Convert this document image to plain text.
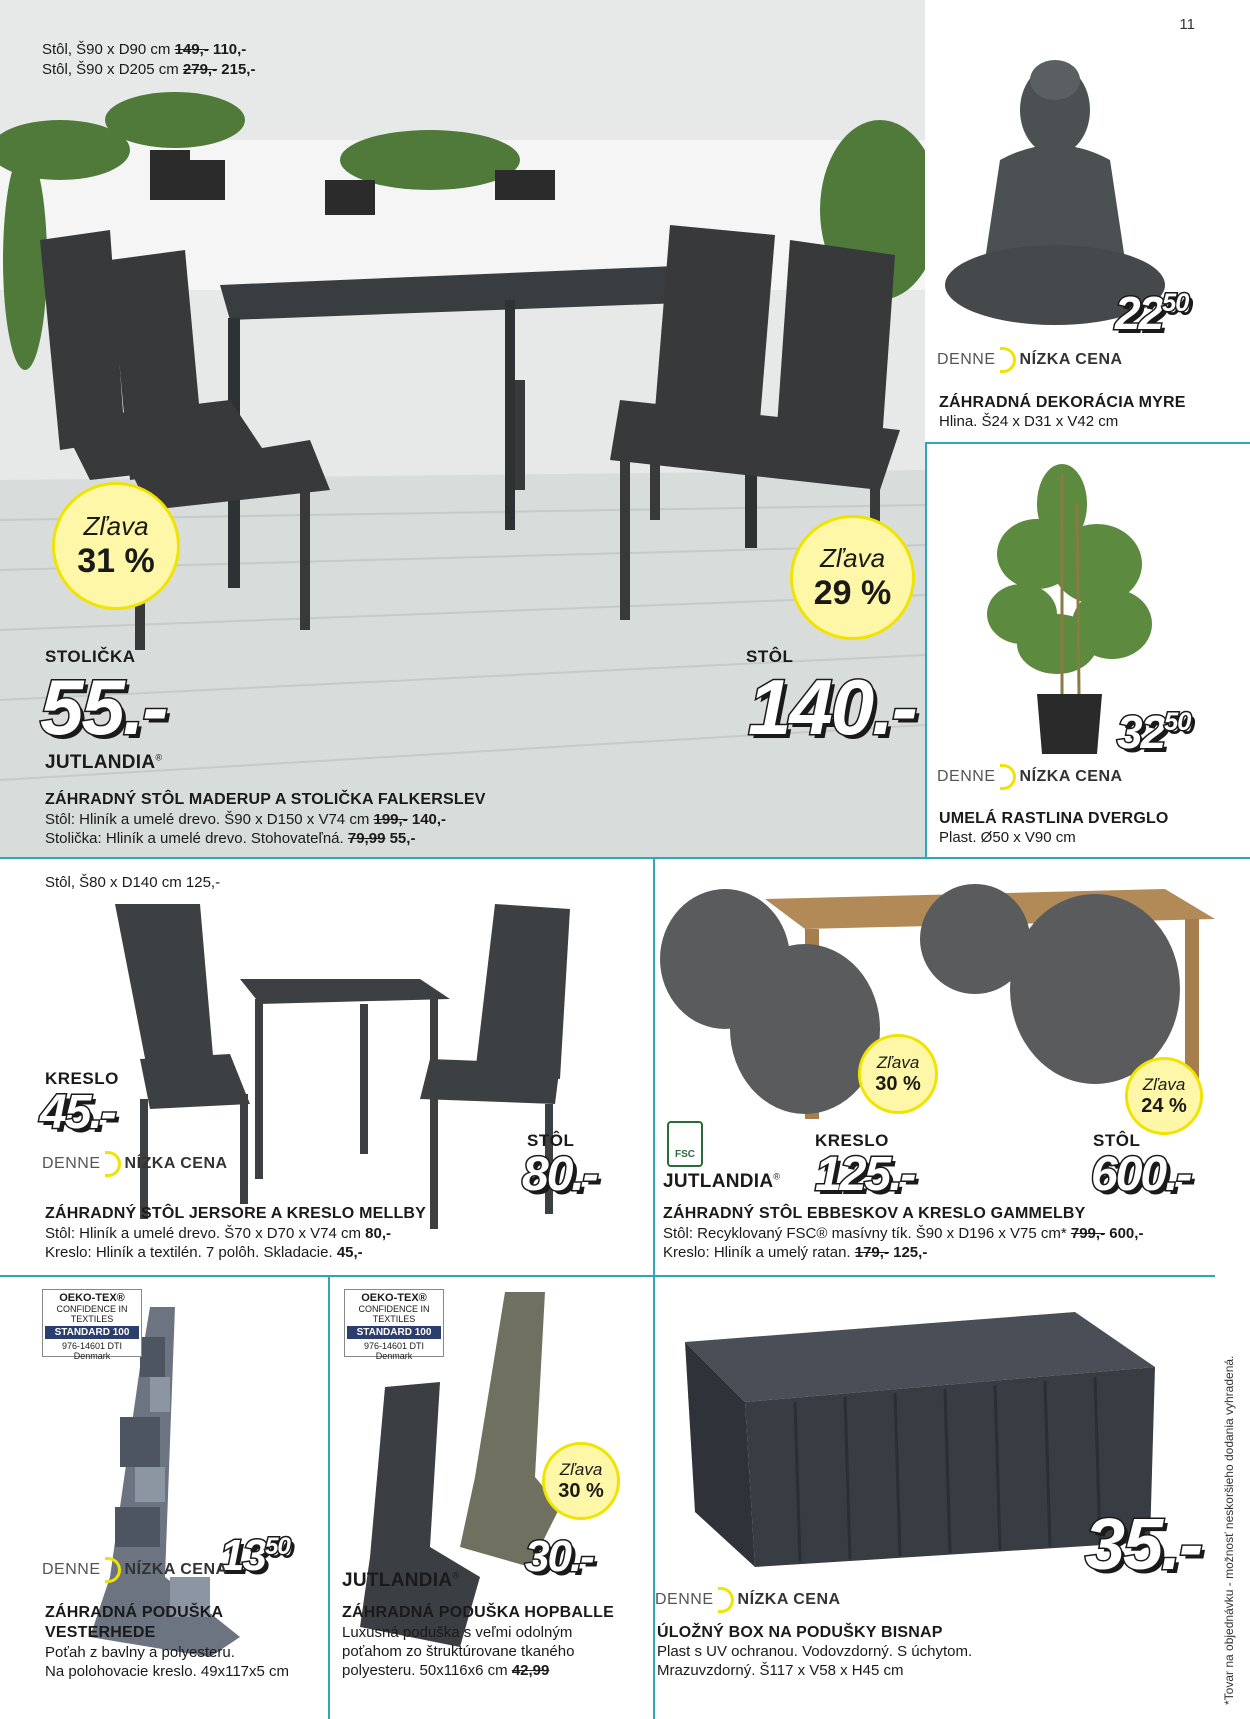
11
Stôl, Š90 x D90 cm 149,- 110,-
Stôl, Š90 x D205 cm 279,- 215,-
Zľava
31 %	Zľava
29 %
STOLIČKA
55.-
STÔL
140.-
JUTLANDIA®
ZÁHRADNÝ STÔL MADERUP A STOLIČKA FALKERSLEV
Stôl: Hliník a umelé drevo. Š90 x D150 x V74 cm 199,- 140,-
Stolička: Hliník a umelé drevo. Stohovateľná. 79,99 55,-
$22^{50}$
DENNE NÍZKA CENA
ZÁHRADNÁ DEKORÁCIA MYRE
Hlina. Š24 x D31 x V42 cm
$32^{50}$
DENNE NÍZKA CENA
UMELÁ RASTLINA DVERGLO
Plast. Ø50 x V90 cm
Stôl, Š80 x D140 cm 125,-
KRESLO
45.-
STÔL
80.-
DENNE NÍZKA CENA
ZÁHRADNÝ STÔL JERSORE A KRESLO MELLBY
Stôl: Hliník a umelé drevo. Š70 x D70 x V74 cm 80,-
Kreslo: Hliník a textilén. 7 polôh. Skladacie. 45,-
Zľava
30 %	Zľava
24 %
FSC
JUTLANDIA®
KRESLO
125.-
STÔL
600.-
ZÁHRADNÝ STÔL EBBESKOV A KRESLO GAMMELBY
Stôl: Recyklovaný FSC® masívny tík. Š90 x D196 x V75 cm* 799,- 600,-
Kreslo: Hliník a umelý ratan. 179,- 125,-
OEKO-TEX®
CONFIDENCE IN TEXTILES
STANDARD 100
976-14601 DTI Denmark
$13^{50}$
DENNE NÍZKA CENA
ZÁHRADNÁ PODUŠKA
VESTERHEDE
Poťah z bavlny a polyesteru.
Na polohovacie kreslo. 49x117x5 cm
OEKO-TEX®
CONFIDENCE IN TEXTILES
STANDARD 100
976-14601 DTI Denmark
Zľava
30 %
30.-
JUTLANDIA®
ZÁHRADNÁ PODUŠKA HOPBALLE
Luxusná poduška s veľmi odolným
poťahom zo štruktúrovane tkaného
polyesteru. 50x116x6 cm 42,99
35.-
DENNE NÍZKA CENA
ÚLOŽNÝ BOX NA PODUŠKY BISNAP
Plast s UV ochranou. Vodovzdorný. S úchytom.
Mrazuvzdorný. Š117 x V58 x H45 cm	*Tovar na objednávku - možnosť neskoršieho dodania vyhradená.
